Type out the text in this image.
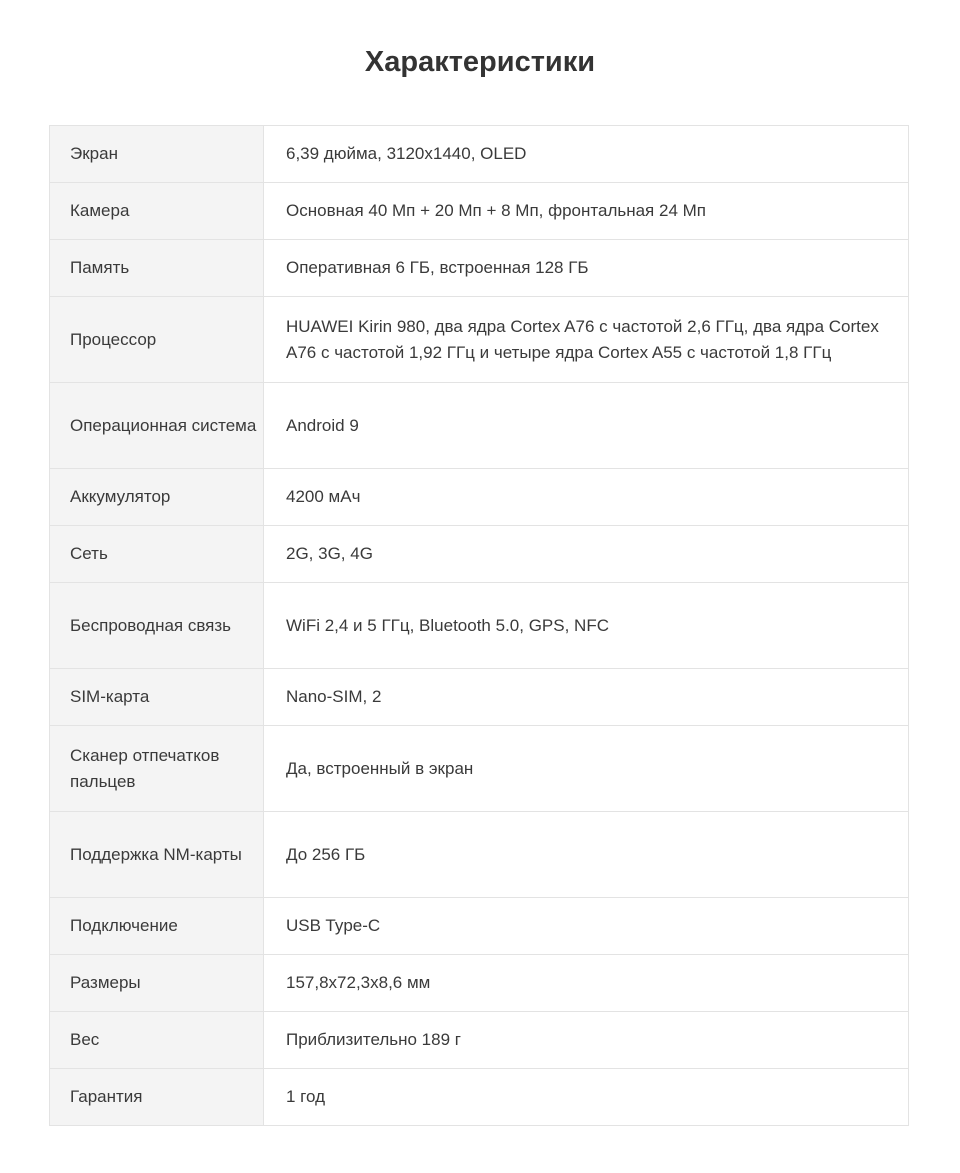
Характеристики
Экран	6,39 дюйма, 3120x1440, OLED
Камера	Основная 40 Мп + 20 Мп + 8 Мп, фронтальная 24 Мп
Память	Оперативная 6 ГБ, встроенная 128 ГБ
Процессор	HUAWEI Kirin 980, два ядра Cortex A76 с частотой 2,6 ГГц, два ядра Cortex A76 с частотой 1,92 ГГц и четыре ядра Cortex A55 с частотой 1,8 ГГц
Операционная система	Android 9
Аккумулятор	4200 мАч
Сеть	2G, 3G, 4G
Беспроводная связь	WiFi 2,4 и 5 ГГц, Bluetooth 5.0, GPS, NFC
SIM-карта	Nano-SIM, 2
Сканер отпечатков пальцев	Да, встроенный в экран
Поддержка NM-карты	До 256 ГБ
Подключение	USB Type-C
Размеры	157,8x72,3x8,6 мм
Вес	Приблизительно 189 г
Гарантия	1 год
